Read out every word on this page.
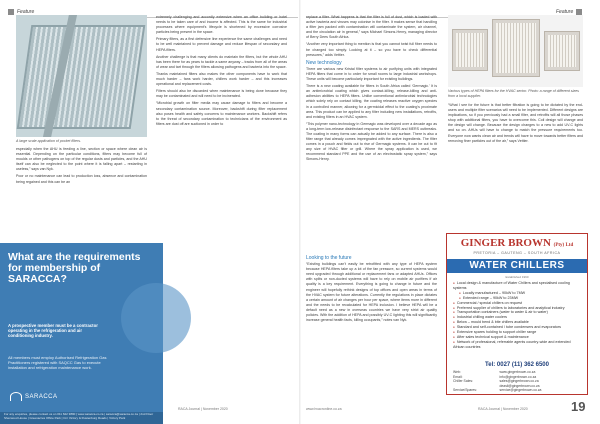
Feature
A large scale application of pocket filters.

especially when the AHU is feeding a line, section or space where clean air is essential. Depending on the particular conditions, filters may become full of moulds or other pathogens on top of the regular dusts and particles, and the AHU itself can also be neglected to the point where it is falling apart – restarting in useless,” says van Nyk.

Poor or no maintenance can lead to production loss, absence and contamination being regained and this can be an

extremely challenging and accordly extensive when an office building or hotel needs to be taken care of and income is affected. This is the same for industrial processes where equipment’s lifecycle is shortened by excessive corrosive particles being present in the space.

Primary filters, as a first defensive line experience the same challenges and need to be well maintained to prevent damage and reduce lifespan of secondary and HEPA filters.

Another challenge is that many clients do maintain the filters, but the whole AHU has been there for as years to tackle a same anyway – tracks from all of the areas of wear and tart through the filters allowing pathogens and bacteria into the space.

Thanks maintained filters also makes the other components have to work that much harder – fans work harder, chillers work harder – and this increases operational and replacement costs.

Filters should also be discarded when maintenance is being done because they may be contaminated and will need to be incinerated.

“Microbial growth on filter media may cause damage to filters and become a secondary contamination source. Moreover, backshift during filter replacement also poses health and safety concerns to maintenance workers. Backshift refers to the threat of secondary contamination to technicians of the environment as filters are dust off are suctioned in order to

What are the requirements for membership of SARACCA?
A prospective member must be a contractor operating in the refrigeration and air conditioning industry.
All members must employ Authorised Refrigeration Gas Practitioners registered with SAQCC Gas to execute installation and refrigeration maintenance work.
SARACCA
For any enquiries, please contact us on 011 622 3890 | www.saracca.co.za | saracca@saracca.co.za | 2nd Floor Sherwood House | Greenacres Office Park | Cnr Victory & Rustenburg Roads | Victory Park
RACA Journal | November 2020
Feature

replace a filter. What happens is that the filter is full of dust, which is loaded with active bacteria and viruses may colonise in the filter. It makes sense that handling a filter jam packed with contamination will contaminate the system, air channel, and the circulation air in general,” says Michael Simons-Henry, managing director of Berry Dees South Africa.

“Another very important thing to mention is that you cannot twist full fiber needs to be changed too simply. Looking at it – so you have to check differential pressures,” adds Vettier.

New technology

There are various new Kristal filter systems to air purifying units with integrated HEPA filters that come in to order for small rooms to large industrial workshops. These units will become particularly important for existing buildings.

There is a new coating available for filters in South Africa called ‘Germagic.’ It is an antimicrobial coating which gives contact-killing, release-killing and anti-adhesion abilities to HEPA filters. Unlike conventional antimicrobial technologies which solely rely on contact killing, the coating releases reactive oxygen species in a controlled manner, allowing for a germicidal effect to the coating’s proximate area. This product can be applied to any filter including new installations, retrofits, and existing filters in an HVAC system.

“This polymer nano-technology in Germagic was developed over a decade ago as a long-term low-release disinfectant response to the SARS and MERS outbreaks. The coating in many forms can actually be added to any surface. There is also a filter range that already comes impregnated with the active ingredients. The filter comes in a pouch and fields out to rise of Germagic systems. It can be cut to fit any size of HVAC filter or grill. Where the spray application is used, we recommend standard PPE and the use of an electrostatic spray system,” says Simons-Henry.

Looking to the future

“Existing buildings can’t easily be retrofitted with any type of HEPA system because HEPA filters take up a lot of the fan pressure, so current systems would need upgraded through additional or replacement fans or adapted AHUs. Offices with splits or non-ducted systems will have to rely on mobile air purifiers if air quality is a key requirement. Everything is going to change in future and the engineer will hopefully rethink designs of top offices and open areas in terms of the HVAC system for future alterations. Currently the regulations in place dictates a certain amount of air changes per hour per space, where items more in different and the needs to be recalculated for HEPA inclusion. I believe HEPA will be a default need as a new in overseas countries we have very strict air quality policies. With the addition of HEPA and possibly UV-C lighting this will significantly increase general health facts, killing occupants,” notes van Nyk.

Various types of HEPA filters for the HVAC sector. Photo: a range of different sizes from a local supplier.

“What I see for the future is that better filtration is going to be dictated by the end-users and multiple filter scenarios will need to be implemented. Different designs are implications, so if you previously had a small filter, and retrofits will all those phases shop with additional filters, you have to overcome this. Coil design will change and the design will change. Because the design changes to a new to add UV-C lights and so on. AHUs will have to change to match the pressure requirements too. Everyone now wants clean air and trends will have to move towards better filters and removing finer particles out of the air,” says Vettier.

GINGER BROWN (Pty) Ltd
PRETORIA – GAUTENG – SOUTH AFRICA
WATER CHILLERS
Established 1990
● Local design & manufacture of Water Chillers and specialised cooling systems
● Locally manufactured – 90kW to 7MW
● Extended range – 90kW to 23MW
● Commercial / special chillers on request
● Preferred supplier of chillers to laboratories and analytical industry
● Transportation containers (water to water & air to water)
● Industrial chilling water coolers
● Below – mould bend & bite chillers available
● Standard and self-contained / tube condensers and evaporators
● Extensive spares holding to support chiller range
● After sales technical support & maintenance
● Network of professional, referrable agents country-wide and extended African countries
Tel: 0027 (11) 362 6500
Web:	www.gingerbrown.co.za
Email:	info@gingerbrown.co.za
Chiller Sales:	sales@gingerbrown.co.za
	deasli@gingerbrown.co.za
Service/Spares:	service@gingerbrown.co.za
www.hvacronline.co.za	RACA Journal | November 2020	19
